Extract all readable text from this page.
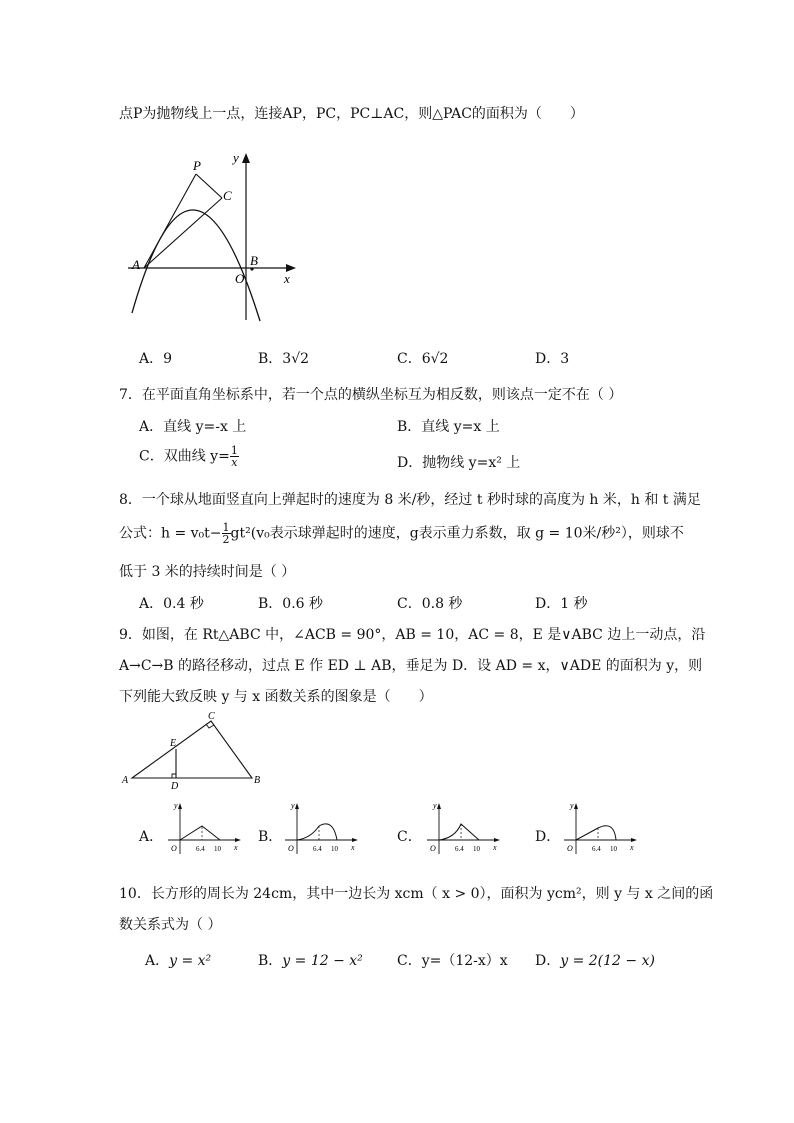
点P为抛物线上一点，连接AP，PC，PC⊥AC，则△PAC的面积为（　　）
P
C
A	B
O	x
y
A．9	B．3√2	C．6√2	D．3
7．在平面直角坐标系中，若一个点的横纵坐标互为相反数，则该点一定不在（ ）
A．直线 y=-x 上	B．直线 y=x 上
C．双曲线 $y= \frac{1}{x}$	D．抛物线 y=x² 上
8．一个球从地面竖直向上弹起时的速度为 8 米/秒，经过 t 秒时球的高度为 h 米，h 和 t 满足
公式：$h = v_0t- \frac{1}{2} gt^2(v_0$表示球弹起时的速度，g表示重力系数，取 g = 10米/秒²），则球不
低于 3 米的持续时间是（ ）
A．0.4 秒	B．0.6 秒	C．0.8 秒	D．1 秒
9．如图，在 Rt△ABC 中，∠ACB = 90°，AB = 10，AC = 8，E 是∨ABC 边上一动点，沿
A→C→B 的路径移动，过点 E 作 ED ⊥ AB，垂足为 D．设 AD = x，∨ADE 的面积为 y，则
下列能大致反映 y 与 x 函数关系的图象是（　　）
A	B
C
D
E
A．
y
x
O	6.4 10
B．
y
x
O	6.4 10
C．
y
x
O	6.4 10
D．
y
x
O	6.4 10
10．长方形的周长为 24cm，其中一边长为 xcm（ x > 0），面积为 ycm²，则 y 与 x 之间的函
数关系式为（ ）
A．y = x²	B．y = 12 − x² C．y=（12-x）x D．y = 2(12 − x)
